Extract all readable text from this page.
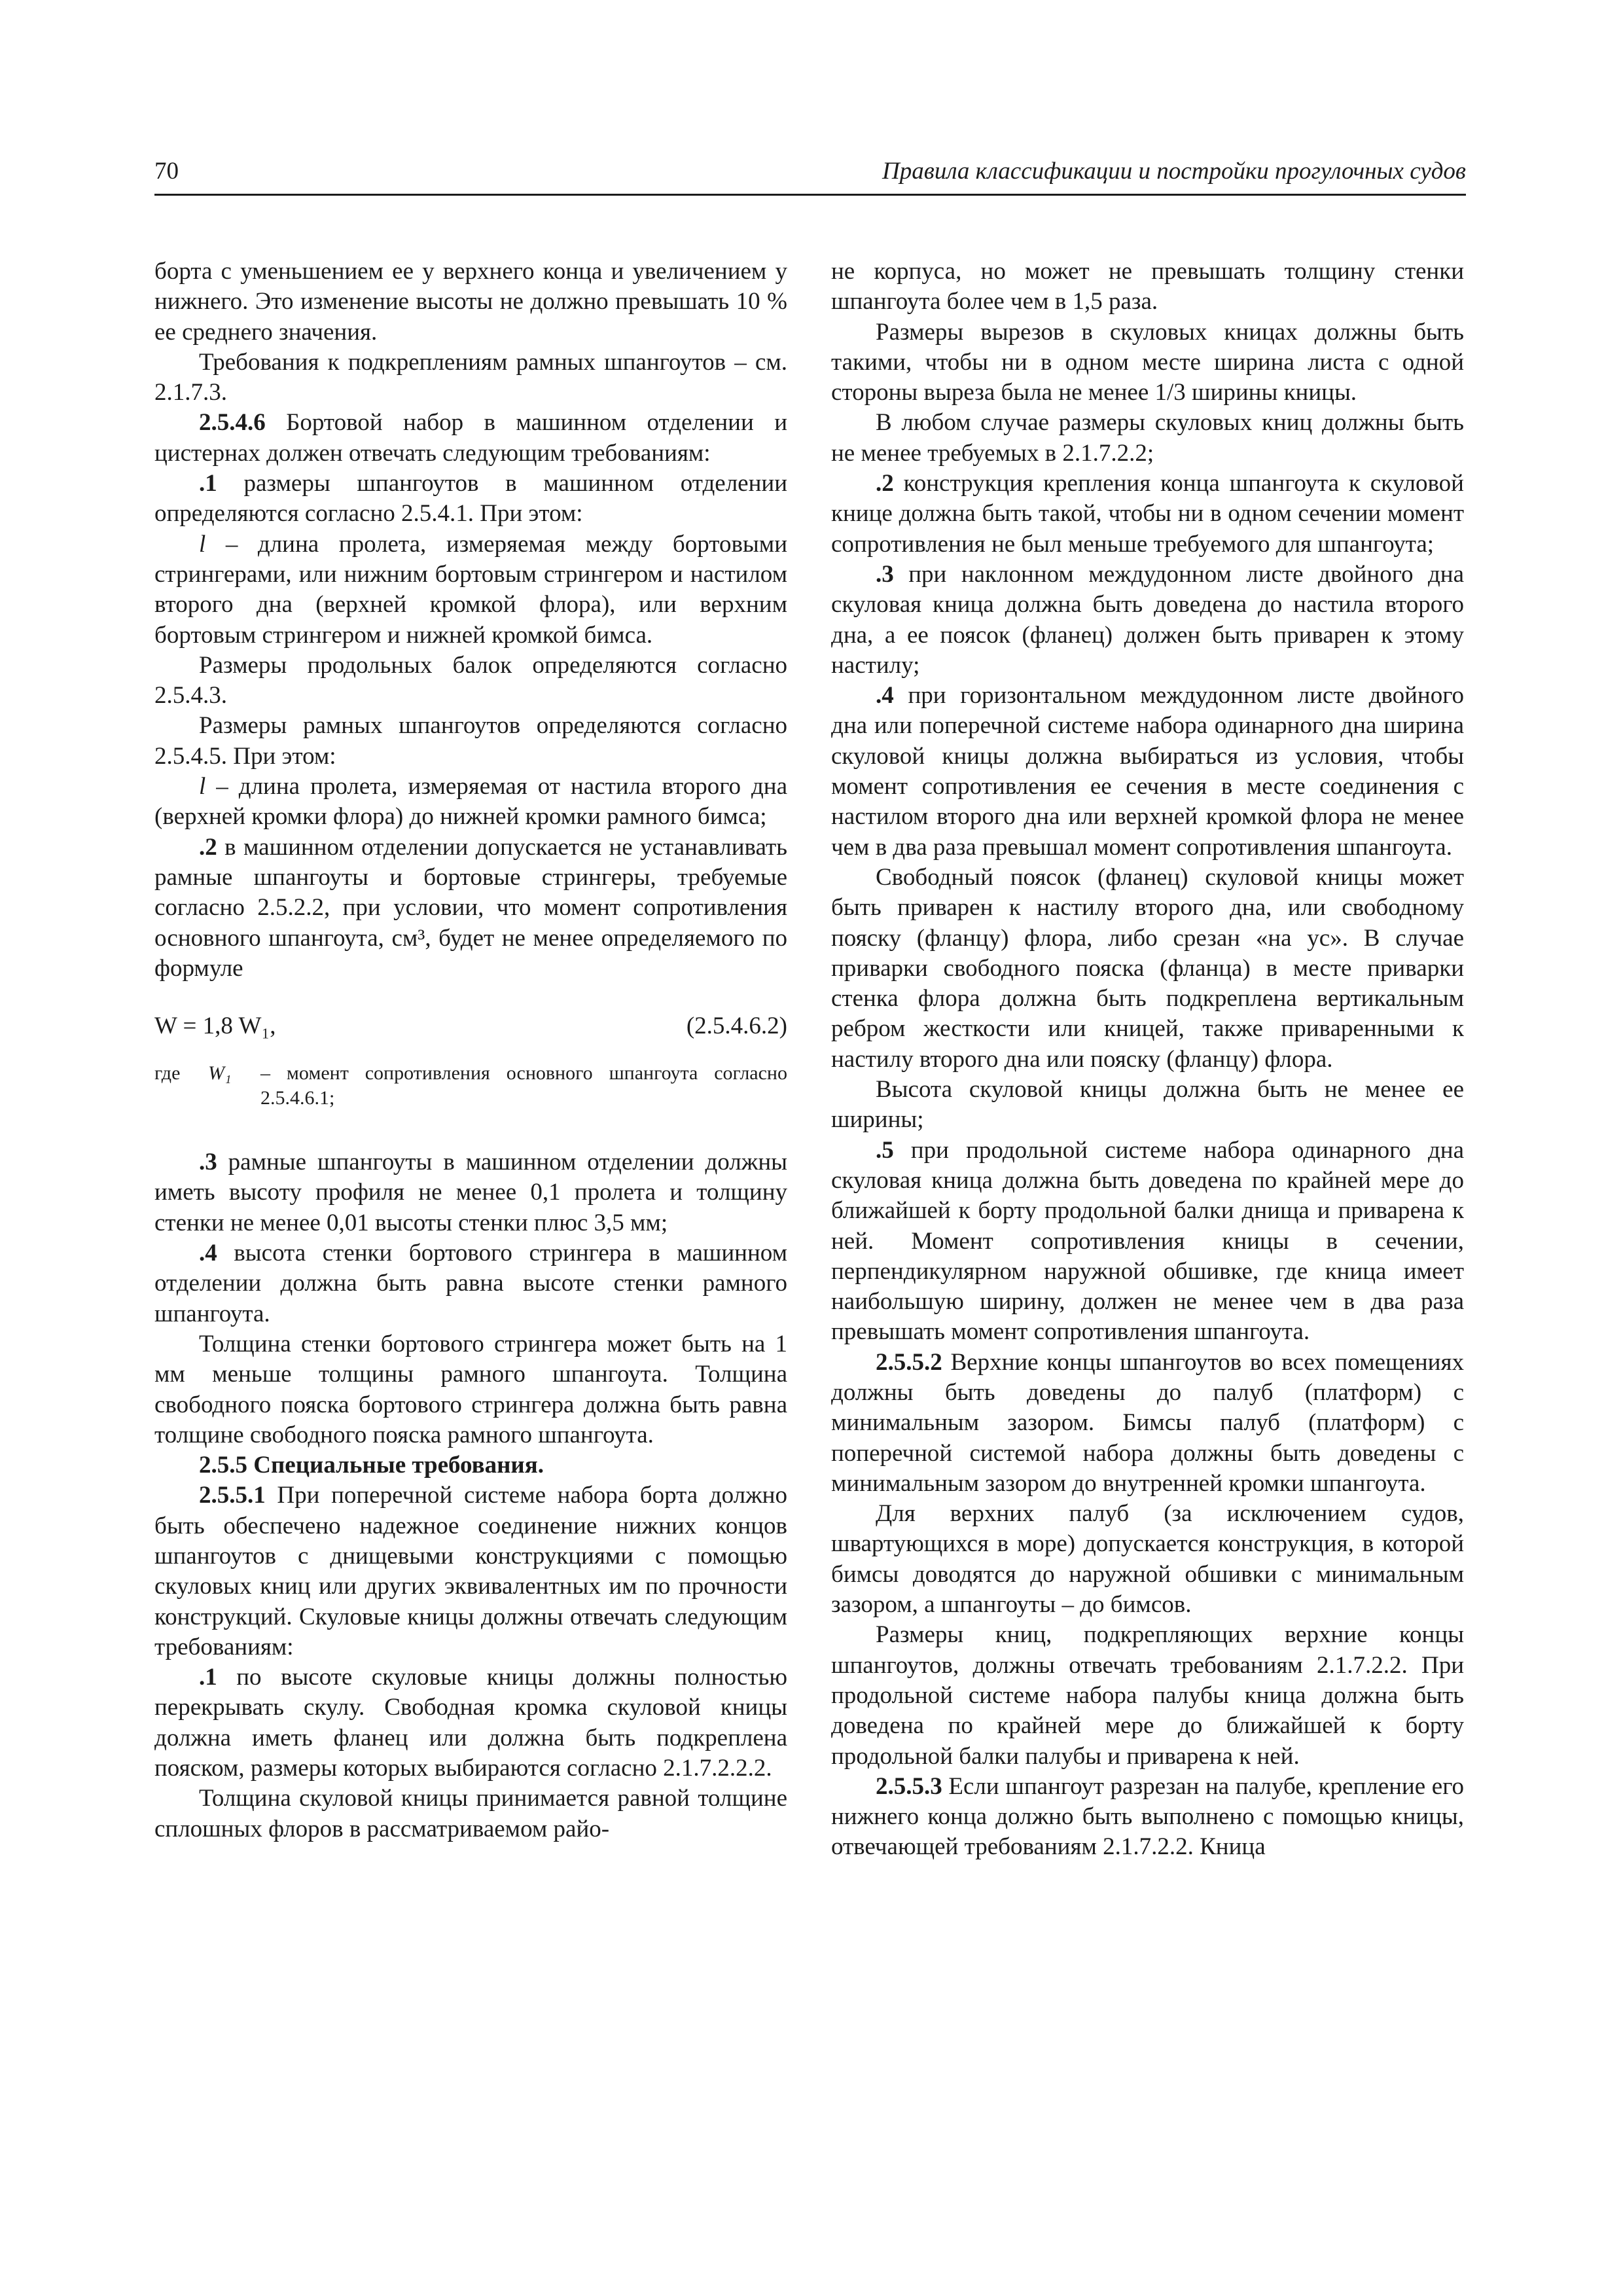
70	Правила классификации и постройки прогулочных судов

борта с уменьшением ее у верхнего конца и увеличением у нижнего. Это изменение высоты не должно превышать 10 % ее среднего значения.

Требования к подкреплениям рамных шпангоутов – см. 2.1.7.3.

2.5.4.6 Бортовой набор в машинном отделении и цистернах должен отвечать следующим требованиям:

.1 размеры шпангоутов в машинном отделении определяются согласно 2.5.4.1. При этом:

l – длина пролета, измеряемая между бортовыми стрингерами, или нижним бортовым стрингером и настилом второго дна (верхней кромкой флора), или верхним бортовым стрингером и нижней кромкой бимса.

Размеры продольных балок определяются согласно 2.5.4.3.

Размеры рамных шпангоутов определяются согласно 2.5.4.5. При этом:

l – длина пролета, измеряемая от настила второго дна (верхней кромки флора) до нижней кромки рамного бимса;

.2 в машинном отделении допускается не устанавливать рамные шпангоуты и бортовые стрингеры, требуемые согласно 2.5.2.2, при условии, что момент сопротивления основного шпангоута, см³, будет не менее определяемого по формуле

W = 1,8 W₁,	(2.5.4.6.2)
где	W₁	– момент сопротивления основного шпангоута согласно 2.5.4.6.1;

.3 рамные шпангоуты в машинном отделении должны иметь высоту профиля не менее 0,1 пролета и толщину стенки не менее 0,01 высоты стенки плюс 3,5 мм;

.4 высота стенки бортового стрингера в машинном отделении должна быть равна высоте стенки рамного шпангоута.

Толщина стенки бортового стрингера может быть на 1 мм меньше толщины рамного шпангоута. Толщина свободного пояска бортового стрингера должна быть равна толщине свободного пояска рамного шпангоута.

2.5.5 Специальные требования.

2.5.5.1 При поперечной системе набора борта должно быть обеспечено надежное соединение нижних концов шпангоутов с днищевыми конструкциями с помощью скуловых книц или других эквивалентных им по прочности конструкций. Скуловые кницы должны отвечать следующим требованиям:

.1 по высоте скуловые кницы должны полностью перекрывать скулу. Свободная кромка скуловой кницы должна иметь фланец или должна быть подкреплена пояском, размеры которых выбираются согласно 2.1.7.2.2.2.

Толщина скуловой кницы принимается равной толщине сплошных флоров в рассматриваемом райо-

не корпуса, но может не превышать толщину стенки шпангоута более чем в 1,5 раза.

Размеры вырезов в скуловых кницах должны быть такими, чтобы ни в одном месте ширина листа с одной стороны выреза была не менее 1/3 ширины кницы.

В любом случае размеры скуловых книц должны быть не менее требуемых в 2.1.7.2.2;

.2 конструкция крепления конца шпангоута к скуловой книце должна быть такой, чтобы ни в одном сечении момент сопротивления не был меньше требуемого для шпангоута;

.3 при наклонном междудонном листе двойного дна скуловая кница должна быть доведена до настила второго дна, а ее поясок (фланец) должен быть приварен к этому настилу;

.4 при горизонтальном междудонном листе двойного дна или поперечной системе набора одинарного дна ширина скуловой кницы должна выбираться из условия, чтобы момент сопротивления ее сечения в месте соединения с настилом второго дна или верхней кромкой флора не менее чем в два раза превышал момент сопротивления шпангоута.

Свободный поясок (фланец) скуловой кницы может быть приварен к настилу второго дна, или свободному пояску (фланцу) флора, либо срезан «на ус». В случае приварки свободного пояска (фланца) в месте приварки стенка флора должна быть подкреплена вертикальным ребром жесткости или кницей, также приваренными к настилу второго дна или пояску (фланцу) флора.

Высота скуловой кницы должна быть не менее ее ширины;

.5 при продольной системе набора одинарного дна скуловая кница должна быть доведена по крайней мере до ближайшей к борту продольной балки днища и приварена к ней. Момент сопротивления кницы в сечении, перпендикулярном наружной обшивке, где кница имеет наибольшую ширину, должен не менее чем в два раза превышать момент сопротивления шпангоута.

2.5.5.2 Верхние концы шпангоутов во всех помещениях должны быть доведены до палуб (платформ) с минимальным зазором. Бимсы палуб (платформ) с поперечной системой набора должны быть доведены с минимальным зазором до внутренней кромки шпангоута.

Для верхних палуб (за исключением судов, швартующихся в море) допускается конструкция, в которой бимсы доводятся до наружной обшивки с минимальным зазором, а шпангоуты – до бимсов.

Размеры книц, подкрепляющих верхние концы шпангоутов, должны отвечать требованиям 2.1.7.2.2. При продольной системе набора палубы кница должна быть доведена по крайней мере до ближайшей к борту продольной балки палубы и приварена к ней.

2.5.5.3 Если шпангоут разрезан на палубе, крепление его нижнего конца должно быть выполнено с помощью кницы, отвечающей требованиям 2.1.7.2.2. Кница
